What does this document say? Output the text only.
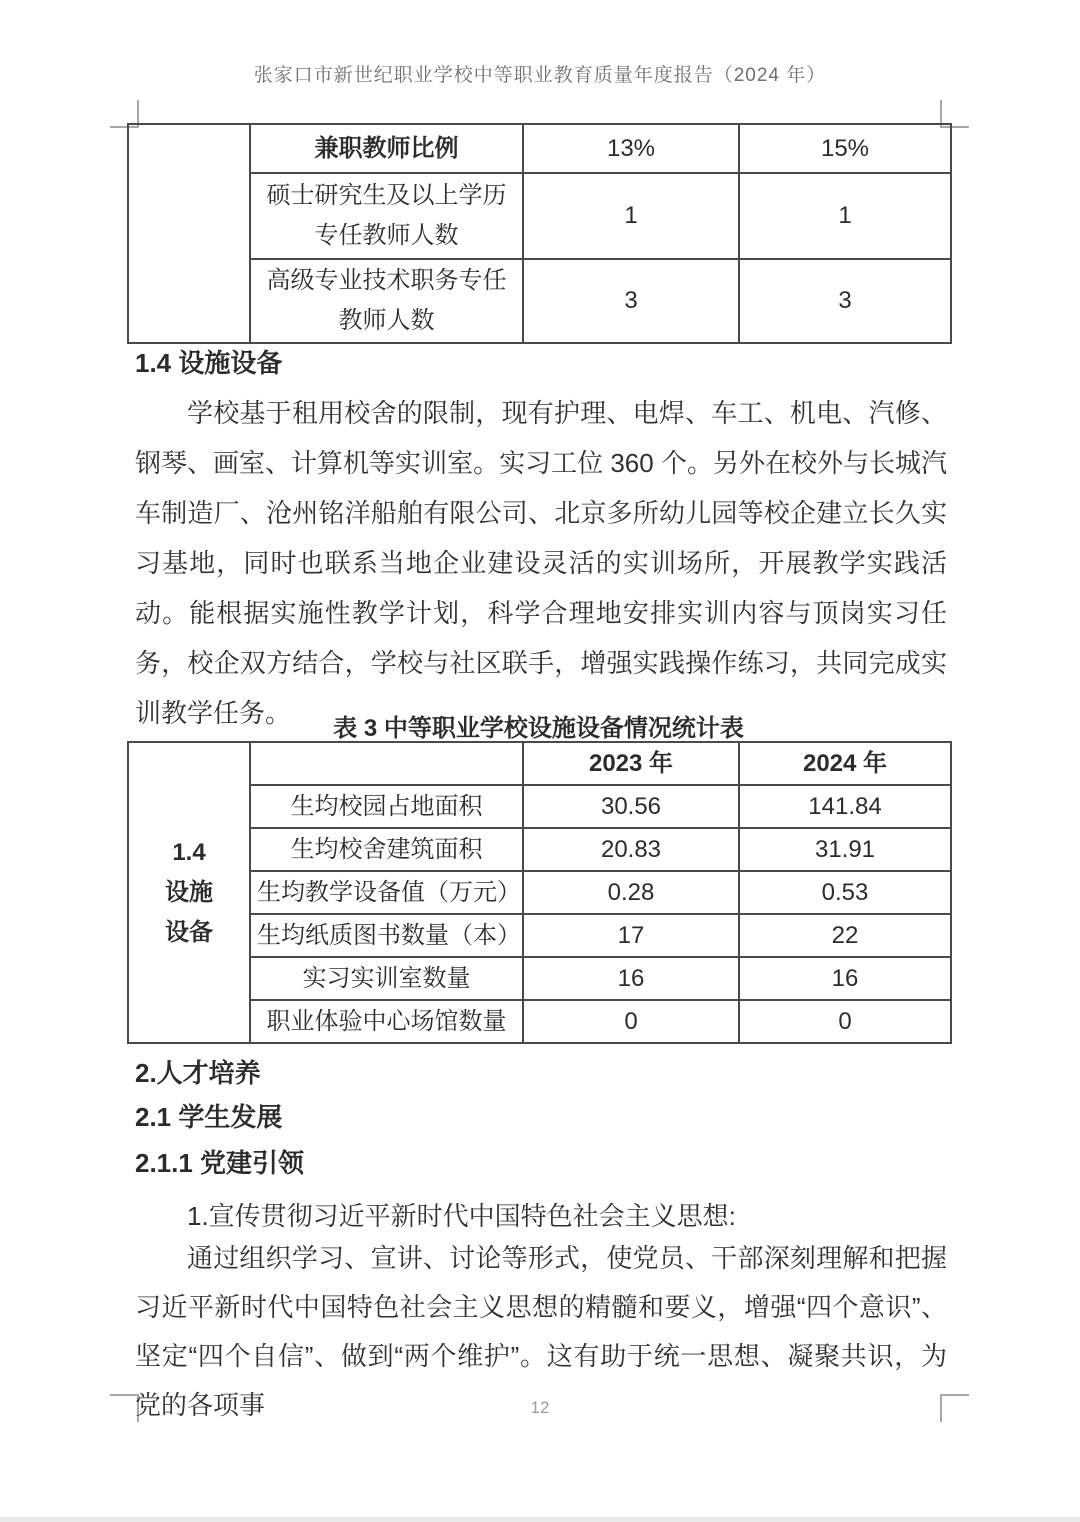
张家口市新世纪职业学校中等职业教育质量年度报告（2024 年）
	兼职教师比例	13%	15%
	硕士研究生及以上学历专任教师人数	1	1
	高级专业技术职务专任教师人数	3	3
1.4 设施设备
学校基于租用校舍的限制，现有护理、电焊、车工、机电、汽修、钢琴、画室、计算机等实训室。实习工位 360 个。另外在校外与长城汽车制造厂、沧州铭洋船舶有限公司、北京多所幼儿园等校企建立长久实习基地，同时也联系当地企业建设灵活的实训场所，开展教学实践活动。能根据实施性教学计划，科学合理地安排实训内容与顶岗实习任务，校企双方结合，学校与社区联手，增强实践操作练习，共同完成实训教学任务。
表 3 中等职业学校设施设备情况统计表
1.4
设施
设备		2023 年	2024 年
	生均校园占地面积	30.56	141.84
	生均校舍建筑面积	20.83	31.91
	生均教学设备值（万元）	0.28	0.53
	生均纸质图书数量（本）	17	22
	实习实训室数量	16	16
	职业体验中心场馆数量	0	0
2.人才培养
2.1 学生发展
2.1.1 党建引领
1.宣传贯彻习近平新时代中国特色社会主义思想:
通过组织学习、宣讲、讨论等形式，使党员、干部深刻理解和把握习近平新时代中国特色社会主义思想的精髓和要义，增强“四个意识”、坚定“四个自信”、做到“两个维护”。这有助于统一思想、凝聚共识，为党的各项事	12
